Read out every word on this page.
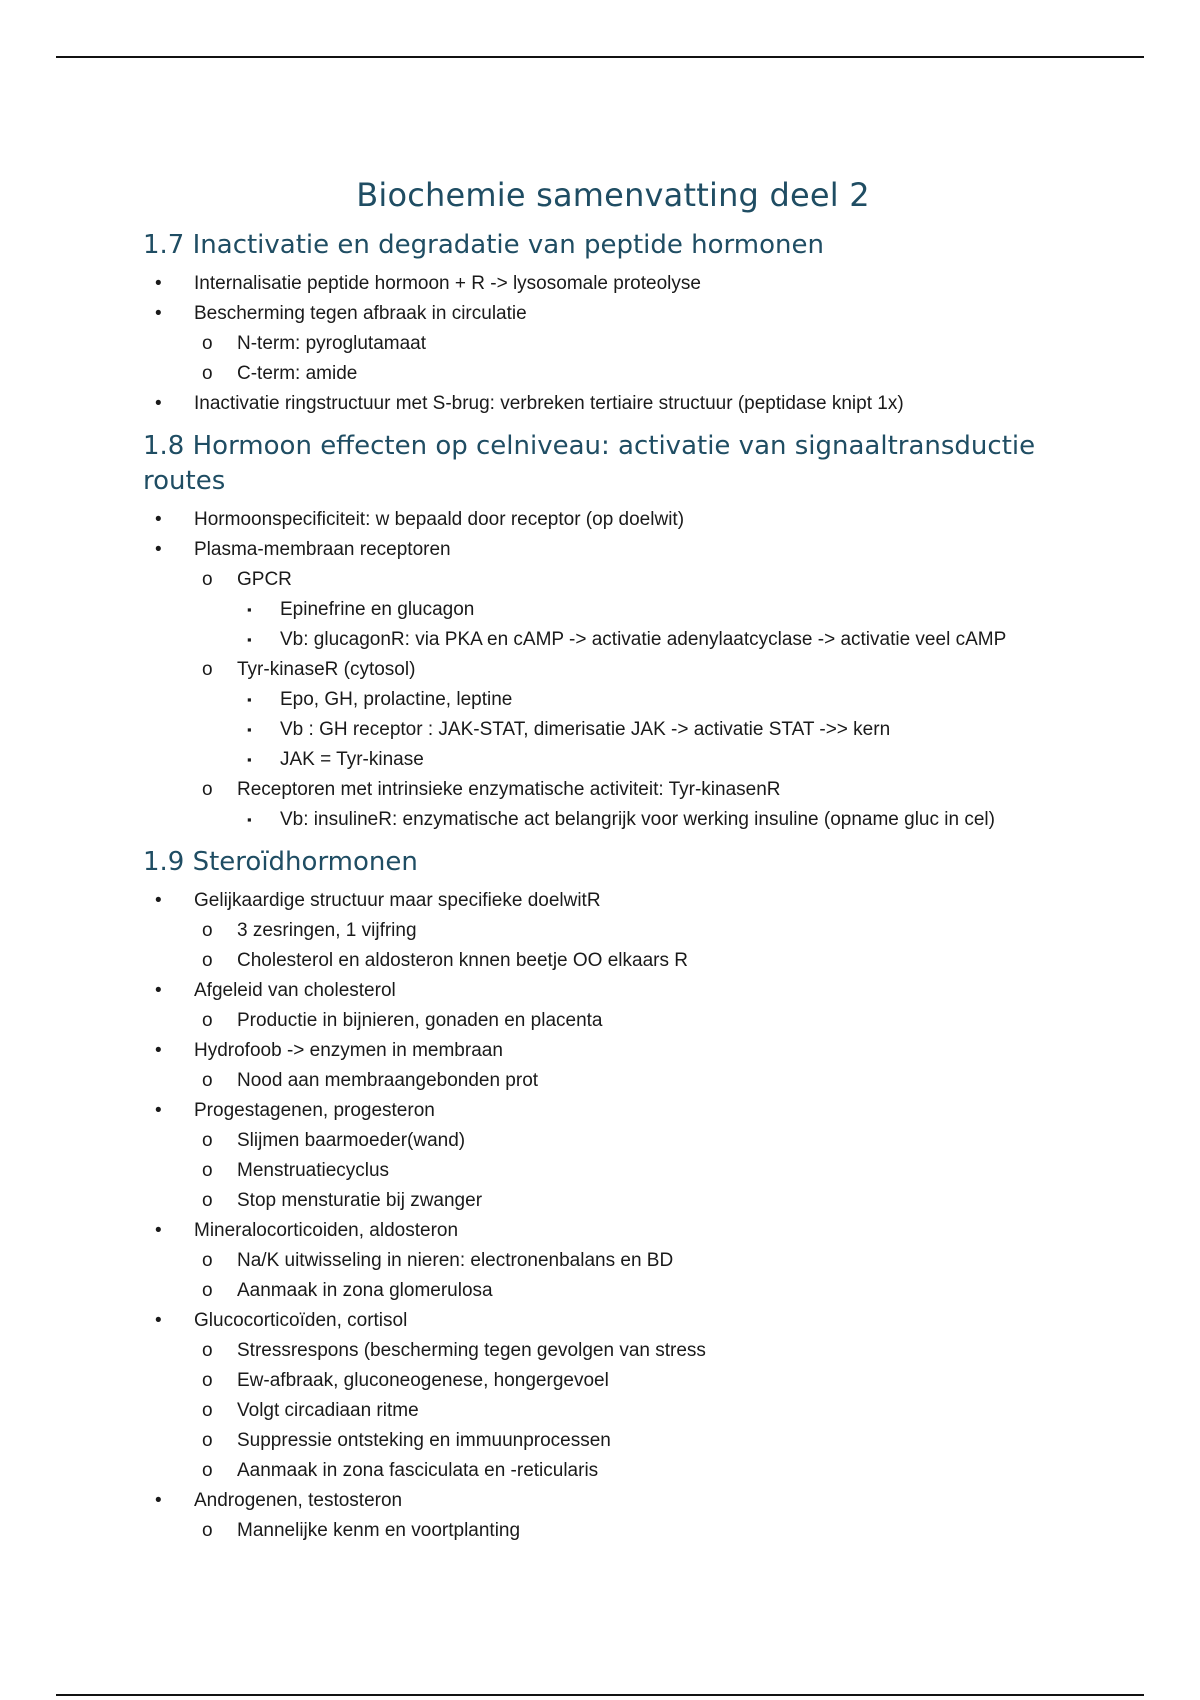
Biochemie samenvatting deel 2
1.7 Inactivatie en degradatie van peptide hormonen
•	Internalisatie peptide hormoon + R -> lysosomale proteolyse
•	Bescherming tegen afbraak in circulatie
o	N-term: pyroglutamaat
o	C-term: amide
•	Inactivatie ringstructuur met S-brug: verbreken tertiaire structuur (peptidase knipt 1x)
1.8 Hormoon effecten op celniveau: activatie van signaaltransductie routes
•	Hormoonspecificiteit: w bepaald door receptor (op doelwit)
•	Plasma-membraan receptoren
o	GPCR
▪	Epinefrine en glucagon
▪	Vb: glucagonR: via PKA en cAMP -> activatie adenylaatcyclase -> activatie veel cAMP
o	Tyr-kinaseR (cytosol)
▪	Epo, GH, prolactine, leptine
▪	Vb : GH receptor : JAK-STAT, dimerisatie JAK -> activatie STAT ->> kern
▪	JAK = Tyr-kinase
o	Receptoren met intrinsieke enzymatische activiteit: Tyr-kinasenR
▪	Vb: insulineR: enzymatische act belangrijk voor werking insuline (opname gluc in cel)
1.9 Steroïdhormonen
•	Gelijkaardige structuur maar specifieke doelwitR
o	3 zesringen, 1 vijfring
o	Cholesterol en aldosteron knnen beetje OO elkaars R
•	Afgeleid van cholesterol
o	Productie in bijnieren, gonaden en placenta
•	Hydrofoob -> enzymen in membraan
o	Nood aan membraangebonden prot
•	Progestagenen, progesteron
o	Slijmen baarmoeder(wand)
o	Menstruatiecyclus
o	Stop mensturatie bij zwanger
•	Mineralocorticoiden, aldosteron
o	Na/K uitwisseling in nieren: electronenbalans en BD
o	Aanmaak in zona glomerulosa
•	Glucocorticoïden, cortisol
o	Stressrespons (bescherming tegen gevolgen van stress
o	Ew-afbraak, gluconeogenese, hongergevoel
o	Volgt circadiaan ritme
o	Suppressie ontsteking en immuunprocessen
o	Aanmaak in zona fasciculata en -reticularis
•	Androgenen, testosteron
o	Mannelijke kenm en voortplanting
